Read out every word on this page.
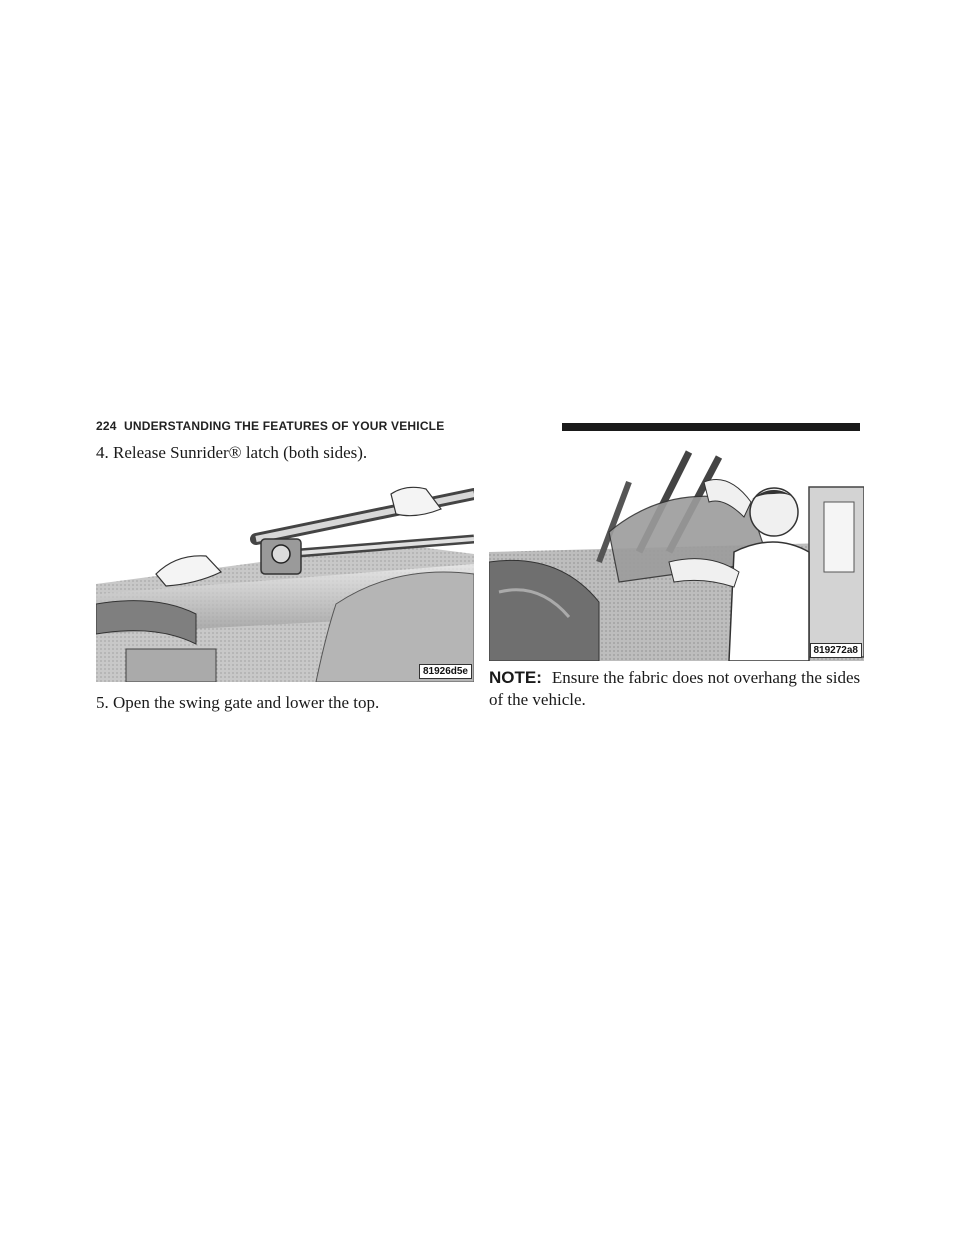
224 UNDERSTANDING THE FEATURES OF YOUR VEHICLE
4. Release Sunrider® latch (both sides).
81926d5e
5. Open the swing gate and lower the top.
819272a8
NOTE: Ensure the fabric does not overhang the sides of the vehicle.
